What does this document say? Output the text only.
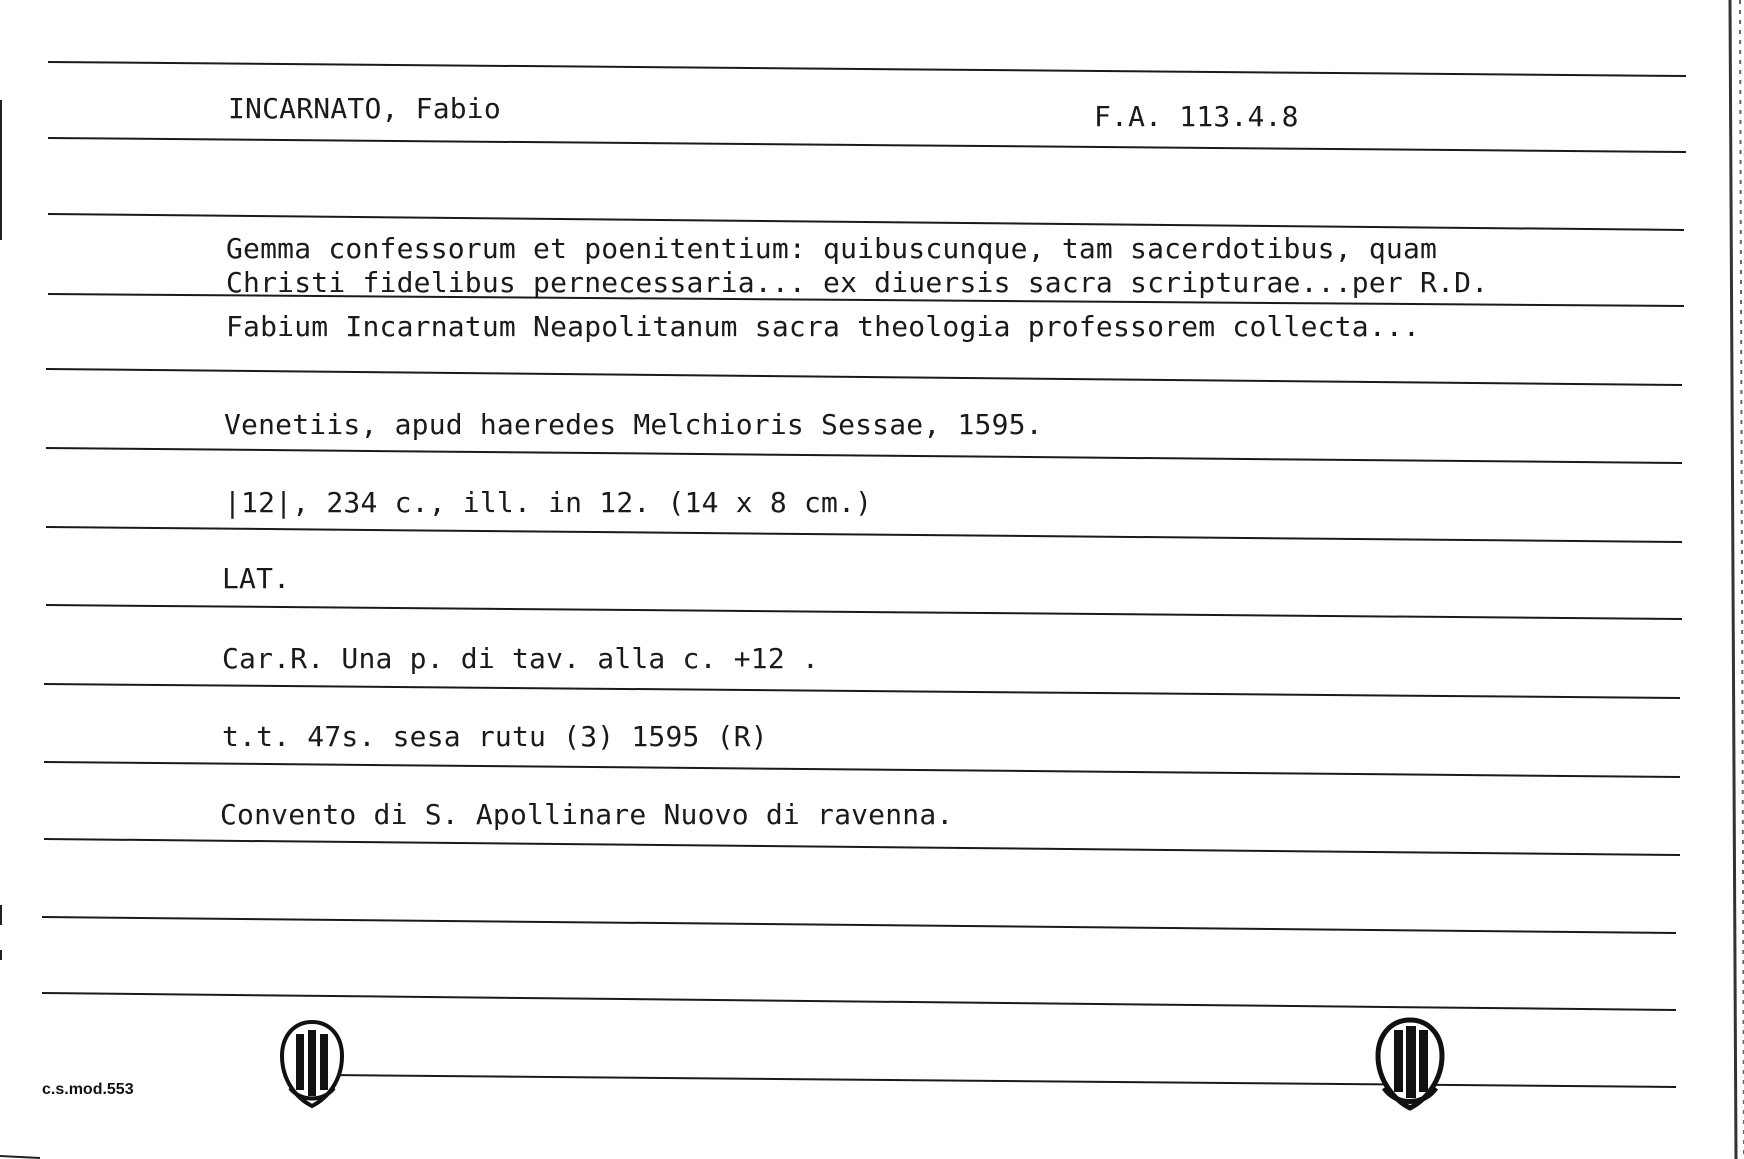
INCARNATO, Fabio	F.A. 113.4.8
Gemma confessorum et poenitentium: quibuscunque, tam sacerdotibus, quam
Christi fidelibus pernecessaria... ex diuersis sacra scripturae...per R.D.
Fabium Incarnatum Neapolitanum sacra theologia professorem collecta...
Venetiis, apud haeredes Melchioris Sessae, 1595.
|12|, 234 c., ill. in 12. (14 x 8 cm.)
LAT.
Car.R. Una p. di tav. alla c. +12 .
t.t. 47s. sesa rutu (3) 1595 (R)
Convento di S. Apollinare Nuovo di ravenna.
c.s.mod.553
